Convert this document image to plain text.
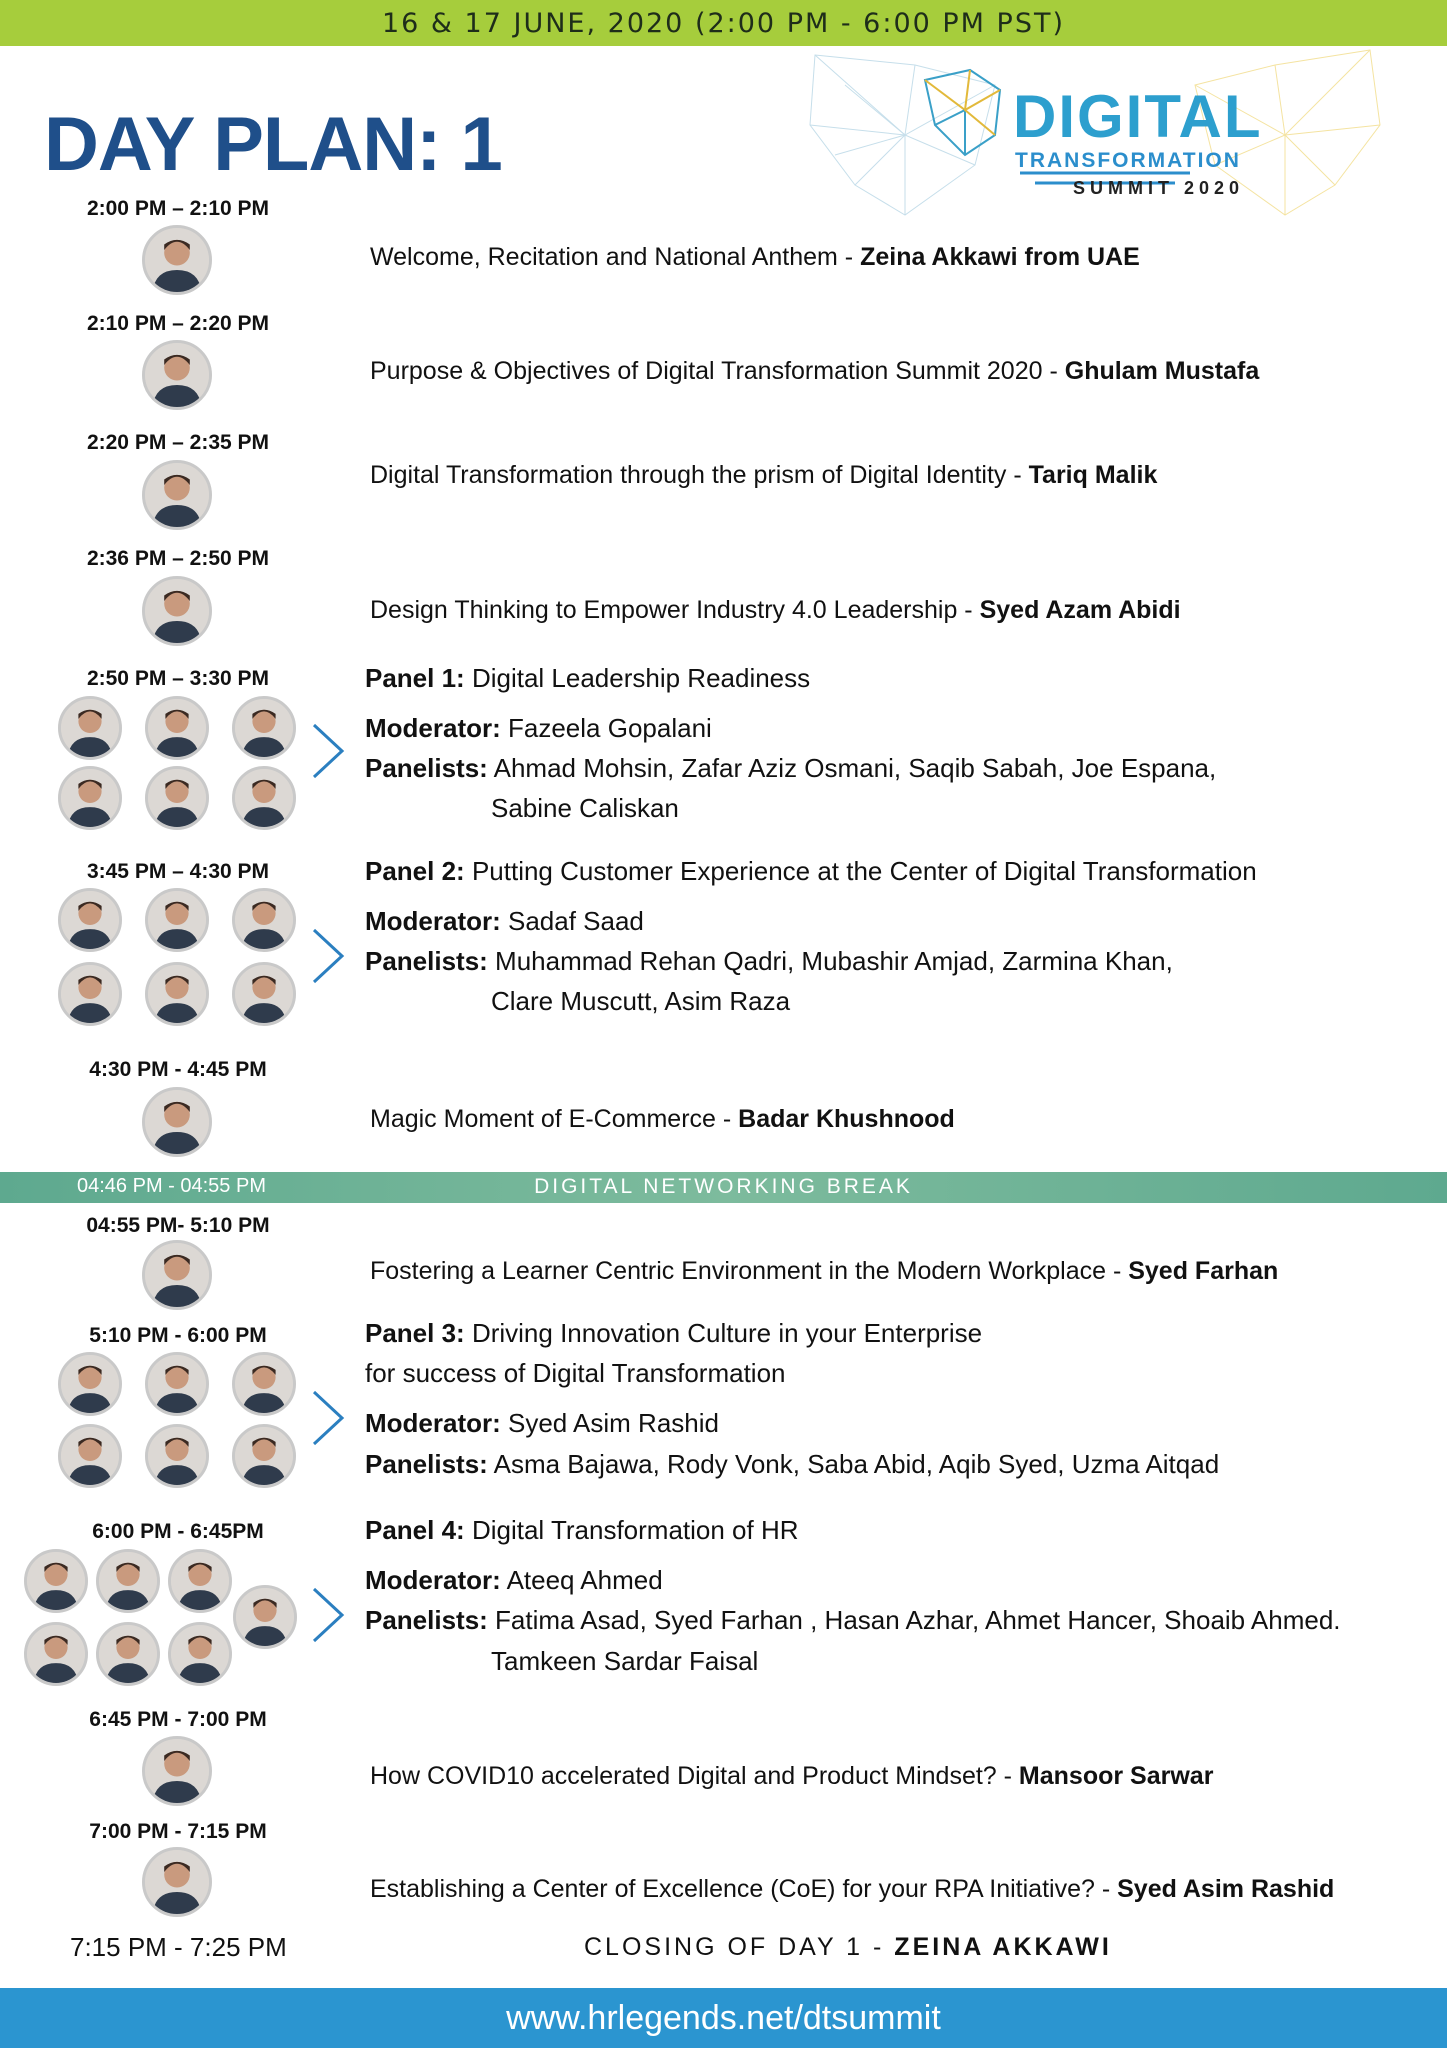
16 & 17 JUNE, 2020 (2:00 PM - 6:00 PM PST)
DAY PLAN: 1	DIGITAL
TRANSFORMATION
SUMMIT 2020
2:00 PM – 2:10 PM
Welcome, Recitation and National Anthem - Zeina Akkawi from UAE
2:10 PM – 2:20 PM
Purpose & Objectives of Digital Transformation Summit 2020 - Ghulam Mustafa
2:20 PM – 2:35 PM
Digital Transformation through the prism of Digital Identity - Tariq Malik
2:36 PM – 2:50 PM
Design Thinking to Empower Industry 4.0 Leadership - Syed Azam Abidi
2:50 PM – 3:30 PM	Panel 1: Digital Leadership Readiness
Moderator: Fazeela Gopalani
Panelists: Ahmad Mohsin, Zafar Aziz Osmani, Saqib Sabah, Joe Espana,
Sabine Caliskan
3:45 PM – 4:30 PM	Panel 2: Putting Customer Experience at the Center of Digital Transformation
Moderator: Sadaf Saad
Panelists: Muhammad Rehan Qadri, Mubashir Amjad, Zarmina Khan,
Clare Muscutt, Asim Raza
4:30 PM - 4:45 PM
Magic Moment of E-Commerce - Badar Khushnood
04:46 PM - 04:55 PM	DIGITAL NETWORKING BREAK
04:55 PM- 5:10 PM
Fostering a Learner Centric Environment in the Modern Workplace - Syed Farhan
5:10 PM - 6:00 PM	Panel 3: Driving Innovation Culture in your Enterprise
for success of Digital Transformation
Moderator: Syed Asim Rashid
Panelists: Asma Bajawa, Rody Vonk, Saba Abid, Aqib Syed, Uzma Aitqad
6:00 PM - 6:45PM	Panel 4: Digital Transformation of HR
Moderator: Ateeq Ahmed
Panelists: Fatima Asad, Syed Farhan , Hasan Azhar, Ahmet Hancer, Shoaib Ahmed.
Tamkeen Sardar Faisal
6:45 PM - 7:00 PM
How COVID10 accelerated Digital and Product Mindset? - Mansoor Sarwar
7:00 PM - 7:15 PM
Establishing a Center of Excellence (CoE) for your RPA Initiative? - Syed Asim Rashid
7:15 PM - 7:25 PM	CLOSING OF DAY 1 - ZEINA AKKAWI
www.hrlegends.net/dtsummit
